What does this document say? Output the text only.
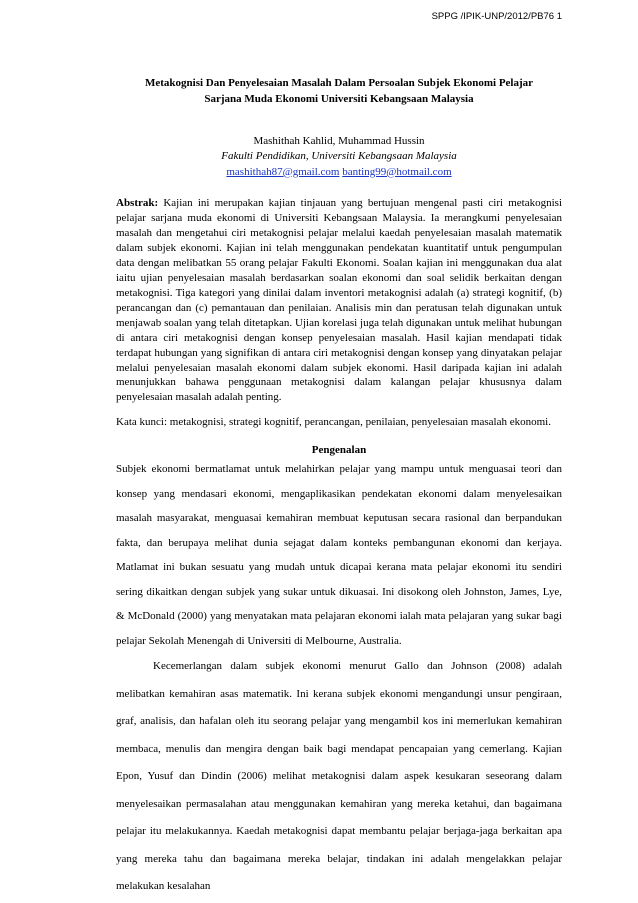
SPPG /IPIK-UNP/2012/PB76 1
Metakognisi Dan Penyelesaian Masalah Dalam Persoalan Subjek Ekonomi Pelajar
Sarjana Muda Ekonomi Universiti Kebangsaan Malaysia
Mashithah Kahlid, Muhammad Hussin
Fakulti Pendidikan, Universiti Kebangsaan Malaysia
mashithah87@gmail.com banting99@hotmail.com
Abstrak: Kajian ini merupakan kajian tinjauan yang bertujuan mengenal pasti ciri metakognisi pelajar sarjana muda ekonomi di Universiti Kebangsaan Malaysia. Ia merangkumi penyelesaian masalah dan mengetahui ciri metakognisi pelajar melalui kaedah penyelesaian masalah matematik dalam subjek ekonomi. Kajian ini telah menggunakan pendekatan kuantitatif untuk pengumpulan data dengan melibatkan 55 orang pelajar Fakulti Ekonomi. Soalan kajian ini menggunakan dua alat iaitu ujian penyelesaian masalah berdasarkan soalan ekonomi dan soal selidik berkaitan dengan metakognisi. Tiga kategori yang dinilai dalam inventori metakognisi adalah (a) strategi kognitif, (b) perancangan dan (c) pemantauan dan penilaian. Analisis min dan peratusan telah digunakan untuk menjawab soalan yang telah ditetapkan. Ujian korelasi juga telah digunakan untuk melihat hubungan di antara ciri metakognisi dengan konsep penyelesaian masalah. Hasil kajian mendapati tidak terdapat hubungan yang signifikan di antara ciri metakognisi dengan konsep yang dinyatakan pelajar melalui penyelesaian masalah ekonomi dalam subjek ekonomi. Hasil daripada kajian ini adalah menunjukkan bahawa penggunaan metakognisi dalam kalangan pelajar khususnya dalam penyelesaian masalah adalah penting.
Kata kunci: metakognisi, strategi kognitif, perancangan, penilaian, penyelesaian masalah ekonomi.
Pengenalan

Subjek ekonomi bermatlamat untuk melahirkan pelajar yang mampu untuk menguasai teori dan konsep yang mendasari ekonomi, mengaplikasikan pendekatan ekonomi dalam menyelesaikan masalah masyarakat, menguasai kemahiran membuat keputusan secara rasional dan berpandukan fakta, dan berupaya melihat dunia sejagat dalam konteks pembangunan ekonomi dan kerjaya. Matlamat ini bukan sesuatu yang mudah untuk dicapai kerana mata pelajar ekonomi itu sendiri sering dikaitkan dengan subjek yang sukar untuk dikuasai. Ini disokong oleh Johnston, James, Lye, & McDonald (2000) yang menyatakan mata pelajaran ekonomi ialah mata pelajaran yang sukar bagi pelajar Sekolah Menengah di Universiti di Melbourne, Australia.

Kecemerlangan dalam subjek ekonomi menurut Gallo dan Johnson (2008) adalah melibatkan kemahiran asas matematik. Ini kerana subjek ekonomi mengandungi unsur pengiraan, graf, analisis, dan hafalan oleh itu seorang pelajar yang mengambil kos ini memerlukan kemahiran membaca, menulis dan mengira dengan baik bagi mendapat pencapaian yang cemerlang. Kajian Epon, Yusuf dan Dindin (2006) melihat metakognisi dalam aspek kesukaran seseorang dalam menyelesaikan permasalahan atau menggunakan kemahiran yang mereka ketahui, dan bagaimana pelajar itu melakukannya. Kaedah metakognisi dapat membantu pelajar berjaga-jaga berkaitan apa yang mereka tahu dan bagaimana mereka belajar, tindakan ini adalah mengelakkan pelajar melakukan kesalahan
